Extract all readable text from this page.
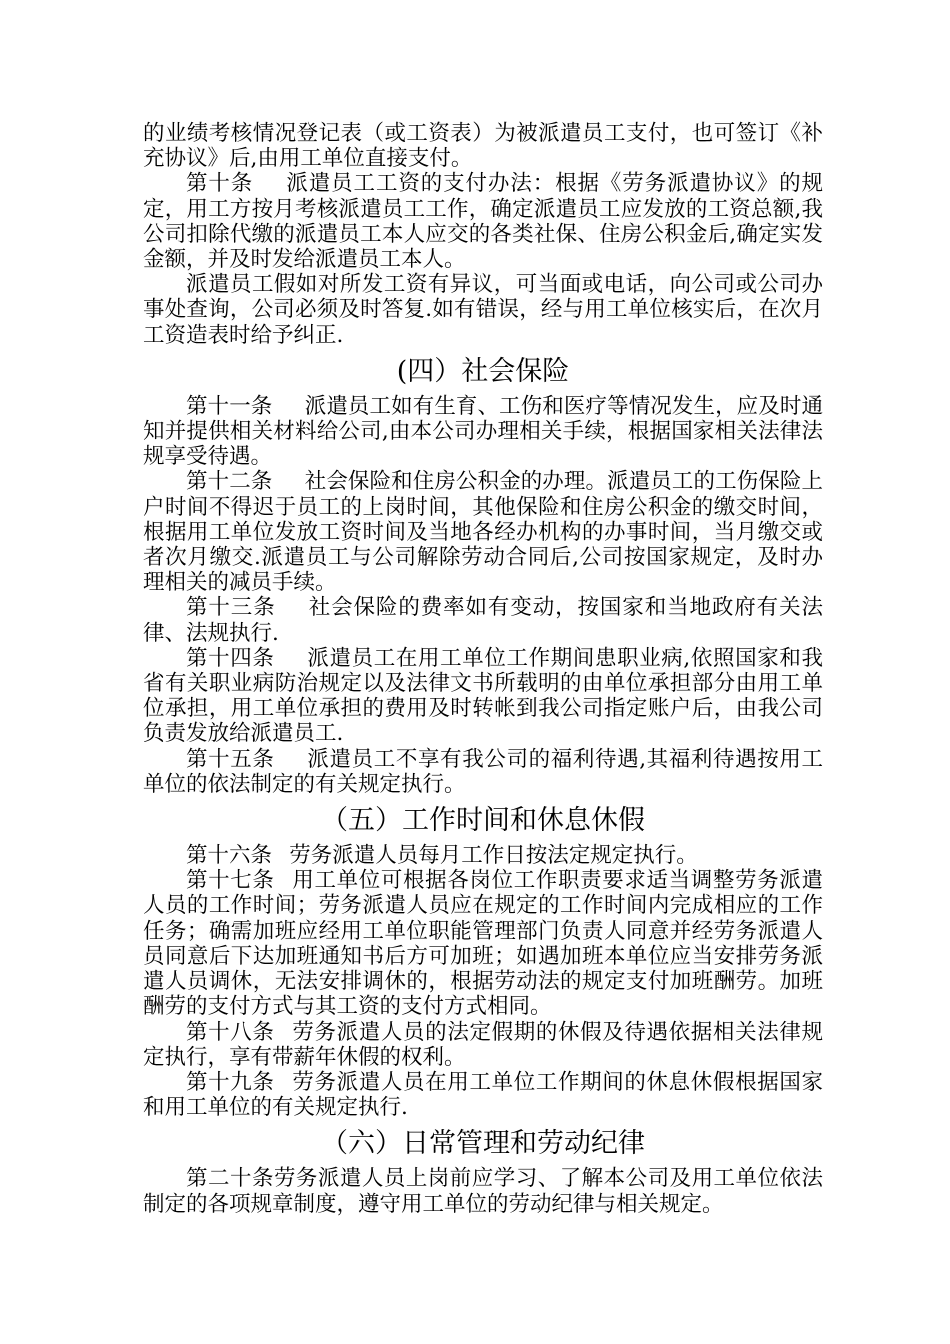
的业绩考核情况登记表（或工资表）为被派遣员工支付，也可签订《补充协议》后,由用工单位直接支付。

第十条 派遣员工工资的支付办法：根据《劳务派遣协议》的规定，用工方按月考核派遣员工工作，确定派遣员工应发放的工资总额,我公司扣除代缴的派遣员工本人应交的各类社保、住房公积金后,确定实发金额，并及时发给派遣员工本人。

派遣员工假如对所发工资有异议，可当面或电话，向公司或公司办事处查询，公司必须及时答复.如有错误，经与用工单位核实后，在次月工资造表时给予纠正.

(四）社会保险

第十一条 派遣员工如有生育、工伤和医疗等情况发生，应及时通知并提供相关材料给公司,由本公司办理相关手续，根据国家相关法律法规享受待遇。

第十二条 社会保险和住房公积金的办理。派遣员工的工伤保险上户时间不得迟于员工的上岗时间，其他保险和住房公积金的缴交时间，根据用工单位发放工资时间及当地各经办机构的办事时间，当月缴交或者次月缴交.派遣员工与公司解除劳动合同后,公司按国家规定，及时办理相关的减员手续。

第十三条 社会保险的费率如有变动，按国家和当地政府有关法律、法规执行.

第十四条 派遣员工在用工单位工作期间患职业病,依照国家和我省有关职业病防治规定以及法律文书所载明的由单位承担部分由用工单位承担，用工单位承担的费用及时转帐到我公司指定账户后，由我公司负责发放给派遣员工.

第十五条 派遣员工不享有我公司的福利待遇,其福利待遇按用工单位的依法制定的有关规定执行。

（五）工作时间和休息休假

第十六条 劳务派遣人员每月工作日按法定规定执行。

第十七条 用工单位可根据各岗位工作职责要求适当调整劳务派遣人员的工作时间；劳务派遣人员应在规定的工作时间内完成相应的工作任务；确需加班应经用工单位职能管理部门负责人同意并经劳务派遣人员同意后下达加班通知书后方可加班；如遇加班本单位应当安排劳务派遣人员调休，无法安排调休的，根据劳动法的规定支付加班酬劳。加班酬劳的支付方式与其工资的支付方式相同。

第十八条 劳务派遣人员的法定假期的休假及待遇依据相关法律规定执行，享有带薪年休假的权利。

第十九条 劳务派遣人员在用工单位工作期间的休息休假根据国家和用工单位的有关规定执行.

（六）日常管理和劳动纪律

第二十条劳务派遣人员上岗前应学习、了解本公司及用工单位依法制定的各项规章制度，遵守用工单位的劳动纪律与相关规定。
